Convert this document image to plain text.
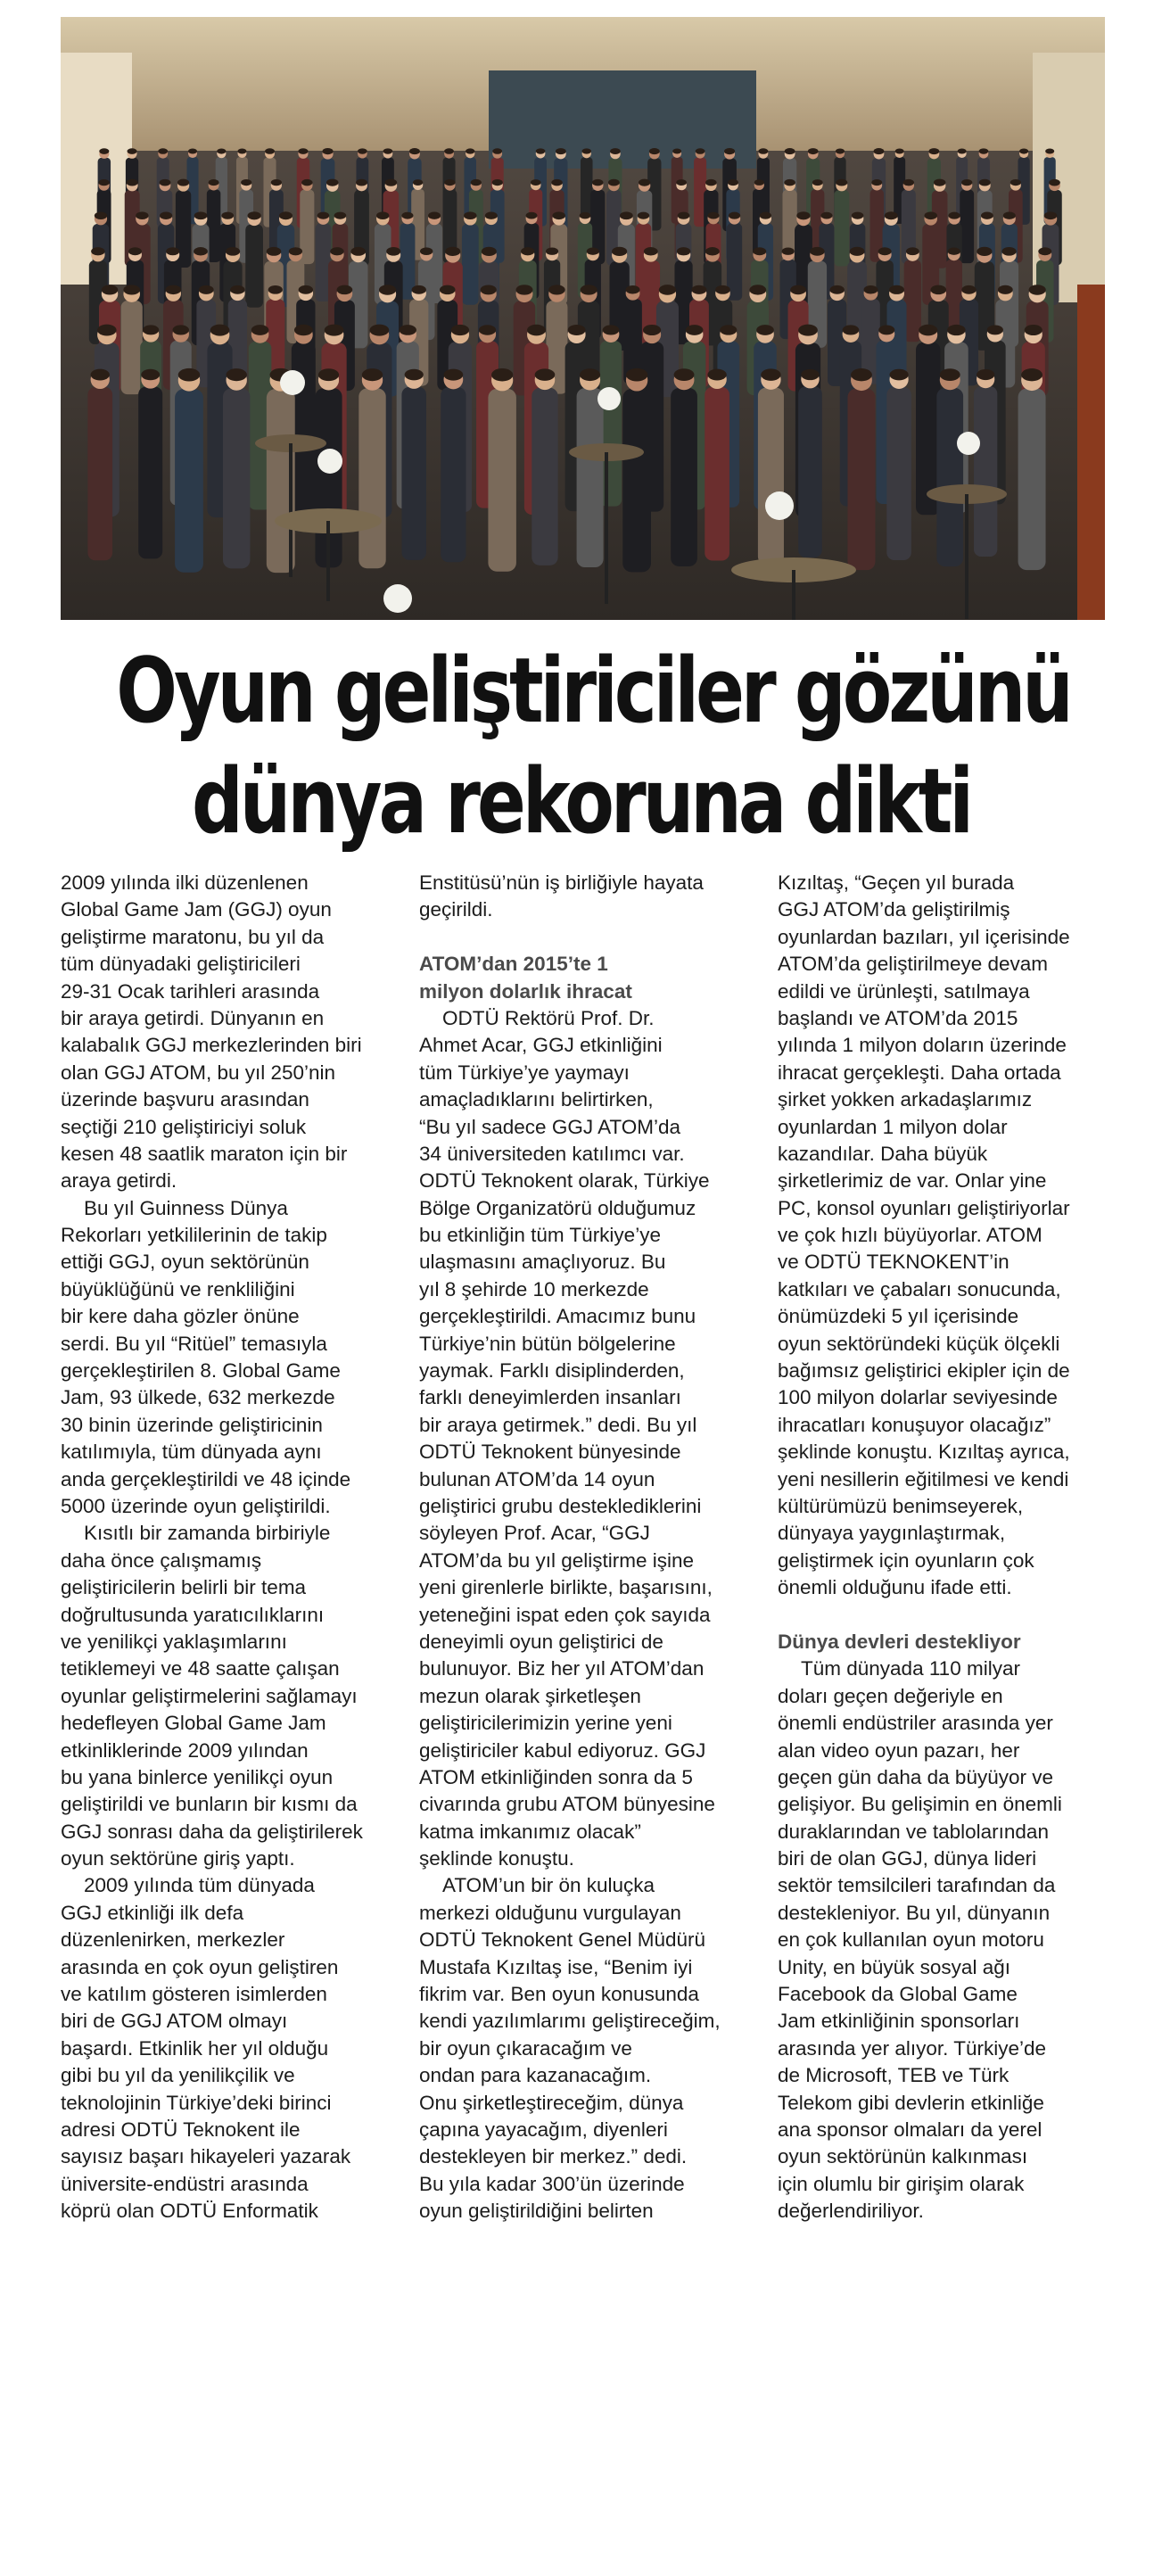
Oyun geliştiriciler gözünü
dünya rekoruna dikti
2009 yılında ilki düzenlenen
Global Game Jam (GGJ) oyun
geliştirme maratonu, bu yıl da
tüm dünyadaki geliştiricileri
29-31 Ocak tarihleri arasında
bir araya getirdi. Dünyanın en
kalabalık GGJ merkezlerinden biri
olan GGJ ATOM, bu yıl 250’nin
üzerinde başvuru arasından
seçtiği 210 geliştiriciyi soluk
kesen 48 saatlik maraton için bir
araya getirdi.
Bu yıl Guinness Dünya
Rekorları yetkililerinin de takip
ettiği GGJ, oyun sektörünün
büyüklüğünü ve renkliliğini
bir kere daha gözler önüne
serdi. Bu yıl “Ritüel” temasıyla
gerçekleştirilen 8. Global Game
Jam, 93 ülkede, 632 merkezde
30 binin üzerinde geliştiricinin
katılımıyla, tüm dünyada aynı
anda gerçekleştirildi ve 48 içinde
5000 üzerinde oyun geliştirildi.
Kısıtlı bir zamanda birbiriyle
daha önce çalışmamış
geliştiricilerin belirli bir tema
doğrultusunda yaratıcılıklarını
ve yenilikçi yaklaşımlarını
tetiklemeyi ve 48 saatte çalışan
oyunlar geliştirmelerini sağlamayı
hedefleyen Global Game Jam
etkinliklerinde 2009 yılından
bu yana binlerce yenilikçi oyun
geliştirildi ve bunların bir kısmı da
GGJ sonrası daha da geliştirilerek
oyun sektörüne giriş yaptı.
2009 yılında tüm dünyada
GGJ etkinliği ilk defa
düzenlenirken, merkezler
arasında en çok oyun geliştiren
ve katılım gösteren isimlerden
biri de GGJ ATOM olmayı
başardı. Etkinlik her yıl olduğu
gibi bu yıl da yenilikçilik ve
teknolojinin Türkiye’deki birinci
adresi ODTÜ Teknokent ile
sayısız başarı hikayeleri yazarak
üniversite-endüstri arasında
köprü olan ODTÜ Enformatik
Enstitüsü’nün iş birliğiyle hayata
geçirildi.
ATOM’dan 2015’te 1
milyon dolarlık ihracat
ODTÜ Rektörü Prof. Dr.
Ahmet Acar, GGJ etkinliğini
tüm Türkiye’ye yaymayı
amaçladıklarını belirtirken,
“Bu yıl sadece GGJ ATOM’da
34 üniversiteden katılımcı var.
ODTÜ Teknokent olarak, Türkiye
Bölge Organizatörü olduğumuz
bu etkinliğin tüm Türkiye’ye
ulaşmasını amaçlıyoruz. Bu
yıl 8 şehirde 10 merkezde
gerçekleştirildi. Amacımız bunu
Türkiye’nin bütün bölgelerine
yaymak. Farklı disiplinderden,
farklı deneyimlerden insanları
bir araya getirmek.” dedi. Bu yıl
ODTÜ Teknokent bünyesinde
bulunan ATOM’da 14 oyun
geliştirici grubu desteklediklerini
söyleyen Prof. Acar, “GGJ
ATOM’da bu yıl geliştirme işine
yeni girenlerle birlikte, başarısını,
yeteneğini ispat eden çok sayıda
deneyimli oyun geliştirici de
bulunuyor. Biz her yıl ATOM’dan
mezun olarak şirketleşen
geliştiricilerimizin yerine yeni
geliştiriciler kabul ediyoruz. GGJ
ATOM etkinliğinden sonra da 5
civarında grubu ATOM bünyesine
katma imkanımız olacak”
şeklinde konuştu.
ATOM’un bir ön kuluçka
merkezi olduğunu vurgulayan
ODTÜ Teknokent Genel Müdürü
Mustafa Kızıltaş ise, “Benim iyi
fikrim var. Ben oyun konusunda
kendi yazılımlarımı geliştireceğim,
bir oyun çıkaracağım ve
ondan para kazanacağım.
Onu şirketleştireceğim, dünya
çapına yayacağım, diyenleri
destekleyen bir merkez.” dedi.
Bu yıla kadar 300’ün üzerinde
oyun geliştirildiğini belirten
Kızıltaş, “Geçen yıl burada
GGJ ATOM’da geliştirilmiş
oyunlardan bazıları, yıl içerisinde
ATOM’da geliştirilmeye devam
edildi ve ürünleşti, satılmaya
başlandı ve ATOM’da 2015
yılında 1 milyon doların üzerinde
ihracat gerçekleşti. Daha ortada
şirket yokken arkadaşlarımız
oyunlardan 1 milyon dolar
kazandılar. Daha büyük
şirketlerimiz de var. Onlar yine
PC, konsol oyunları geliştiriyorlar
ve çok hızlı büyüyorlar. ATOM
ve ODTÜ TEKNOKENT’in
katkıları ve çabaları sonucunda,
önümüzdeki 5 yıl içerisinde
oyun sektöründeki küçük ölçekli
bağımsız geliştirici ekipler için de
100 milyon dolarlar seviyesinde
ihracatları konuşuyor olacağız”
şeklinde konuştu. Kızıltaş ayrıca,
yeni nesillerin eğitilmesi ve kendi
kültürümüzü benimseyerek,
dünyaya yaygınlaştırmak,
geliştirmek için oyunların çok
önemli olduğunu ifade etti.
Dünya devleri destekliyor
Tüm dünyada 110 milyar
doları geçen değeriyle en
önemli endüstriler arasında yer
alan video oyun pazarı, her
geçen gün daha da büyüyor ve
gelişiyor. Bu gelişimin en önemli
duraklarından ve tablolarından
biri de olan GGJ, dünya lideri
sektör temsilcileri tarafından da
destekleniyor. Bu yıl, dünyanın
en çok kullanılan oyun motoru
Unity, en büyük sosyal ağı
Facebook da Global Game
Jam etkinliğinin sponsorları
arasında yer alıyor. Türkiye’de
de Microsoft, TEB ve Türk
Telekom gibi devlerin etkinliğe
ana sponsor olmaları da yerel
oyun sektörünün kalkınması
için olumlu bir girişim olarak
değerlendiriliyor.
